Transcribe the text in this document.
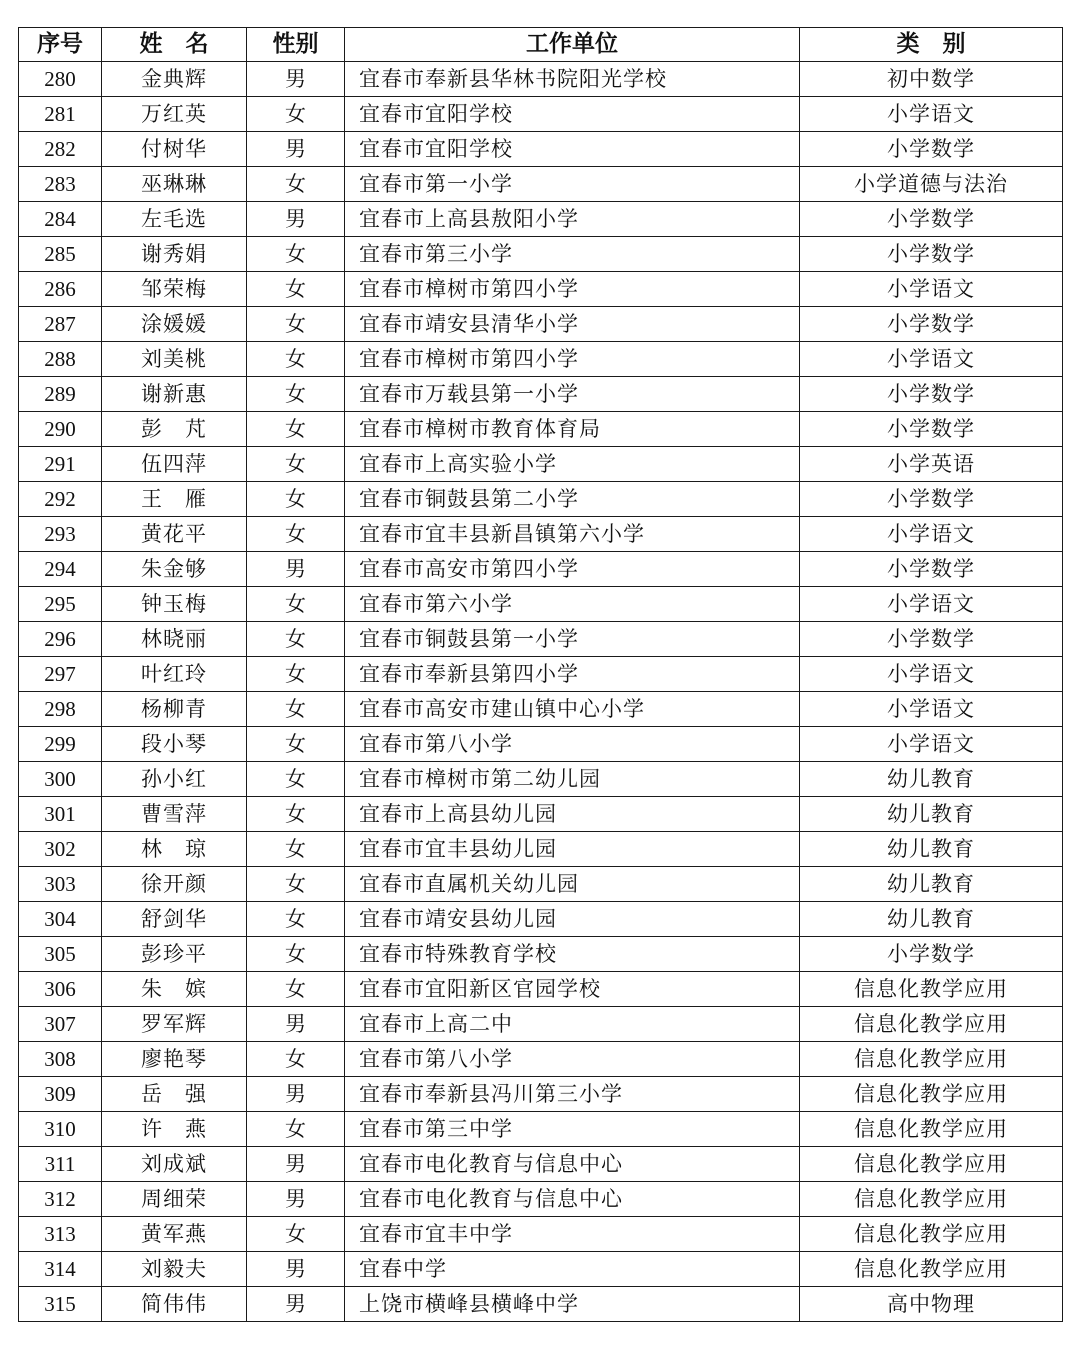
序号	姓　名	性别	工作单位	类　别
280	金典辉	男	宜春市奉新县华林书院阳光学校	初中数学
281	万红英	女	宜春市宜阳学校	小学语文
282	付树华	男	宜春市宜阳学校	小学数学
283	巫琳琳	女	宜春市第一小学	小学道德与法治
284	左毛选	男	宜春市上高县敖阳小学	小学数学
285	谢秀娟	女	宜春市第三小学	小学数学
286	邹荣梅	女	宜春市樟树市第四小学	小学语文
287	涂媛媛	女	宜春市靖安县清华小学	小学数学
288	刘美桃	女	宜春市樟树市第四小学	小学语文
289	谢新惠	女	宜春市万载县第一小学	小学数学
290	彭　芃	女	宜春市樟树市教育体育局	小学数学
291	伍四萍	女	宜春市上高实验小学	小学英语
292	王　雁	女	宜春市铜鼓县第二小学	小学数学
293	黄花平	女	宜春市宜丰县新昌镇第六小学	小学语文
294	朱金够	男	宜春市高安市第四小学	小学数学
295	钟玉梅	女	宜春市第六小学	小学语文
296	林晓丽	女	宜春市铜鼓县第一小学	小学数学
297	叶红玲	女	宜春市奉新县第四小学	小学语文
298	杨柳青	女	宜春市高安市建山镇中心小学	小学语文
299	段小琴	女	宜春市第八小学	小学语文
300	孙小红	女	宜春市樟树市第二幼儿园	幼儿教育
301	曹雪萍	女	宜春市上高县幼儿园	幼儿教育
302	林　琼	女	宜春市宜丰县幼儿园	幼儿教育
303	徐开颜	女	宜春市直属机关幼儿园	幼儿教育
304	舒剑华	女	宜春市靖安县幼儿园	幼儿教育
305	彭珍平	女	宜春市特殊教育学校	小学数学
306	朱　嫔	女	宜春市宜阳新区官园学校	信息化教学应用
307	罗军辉	男	宜春市上高二中	信息化教学应用
308	廖艳琴	女	宜春市第八小学	信息化教学应用
309	岳　强	男	宜春市奉新县冯川第三小学	信息化教学应用
310	许　燕	女	宜春市第三中学	信息化教学应用
311	刘成斌	男	宜春市电化教育与信息中心	信息化教学应用
312	周细荣	男	宜春市电化教育与信息中心	信息化教学应用
313	黄军燕	女	宜春市宜丰中学	信息化教学应用
314	刘毅夫	男	宜春中学	信息化教学应用
315	简伟伟	男	上饶市横峰县横峰中学	高中物理
